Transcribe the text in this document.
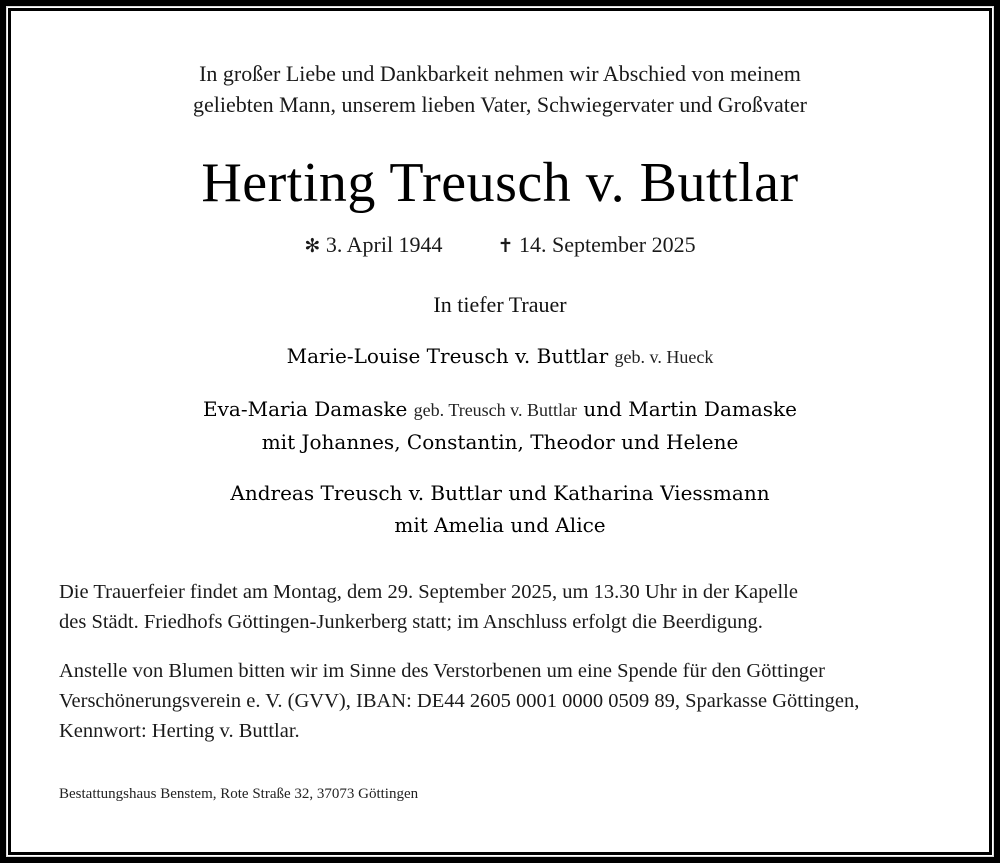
In großer Liebe und Dankbarkeit nehmen wir Abschied von meinem
geliebten Mann, unserem lieben Vater, Schwiegervater und Großvater
Herting Treusch v. Buttlar
✻ 3. April 1944	✝ 14. September 2025
In tiefer Trauer
Marie-Louise Treusch v. Buttlar geb. v. Hueck
Eva-Maria Damaske geb. Treusch v. Buttlar und Martin Damaske
mit Johannes, Constantin, Theodor und Helene
Andreas Treusch v. Buttlar und Katharina Viessmann
mit Amelia und Alice
Die Trauerfeier findet am Montag, dem 29. September 2025, um 13.30 Uhr in der Kapelle
des Städt. Friedhofs Göttingen-Junkerberg statt; im Anschluss erfolgt die Beerdigung.
Anstelle von Blumen bitten wir im Sinne des Verstorbenen um eine Spende für den Göttinger
Verschönerungsverein e. V. (GVV), IBAN: DE44 2605 0001 0000 0509 89, Sparkasse Göttingen,
Kennwort: Herting v. Buttlar.
Bestattungshaus Benstem, Rote Straße 32, 37073 Göttingen
